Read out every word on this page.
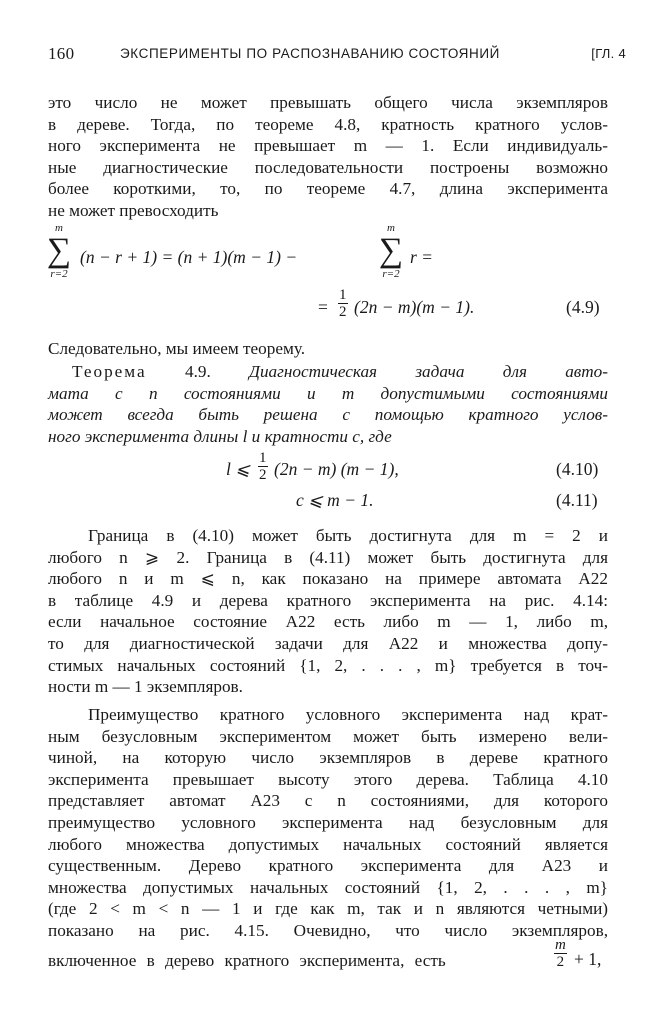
160	ЭКСПЕРИМЕНТЫ ПО РАСПОЗНАВАНИЮ СОСТОЯНИЙ	[ГЛ. 4
это число не может превышать общего числа экземпляров
в дереве. Тогда, по теореме 4.8, кратность кратного услов-
ного эксперимента не превышает m — 1. Если индивидуаль-
ные диагностические последовательности построены возможно
более короткими, то, по теореме 4.7, длина эксперимента
не может превосходить
m
∑
r=2
(n − r + 1) = (n + 1)(m − 1) −
m
∑
r=2
r =
= $\frac{1}{2} (2n - m)(m - 1)$.	(4.9)
Следовательно, мы имеем теорему.
Теорема 4.9. Диагностическая задача для авто-
мата с n состояниями и m допустимыми состояниями
может всегда быть решена с помощью кратного услов-
ного эксперимента длины l и кратности c, где
l ⩽ $\frac{1}{2} (2n - m) (m - 1)$,	(4.10)
c ⩽ m − 1.	(4.11)
Граница в (4.10) может быть достигнута для m = 2 и
любого n ⩾ 2. Граница в (4.11) может быть достигнута для
любого n и m ⩽ n, как показано на примере автомата A22
в таблице 4.9 и дерева кратного эксперимента на рис. 4.14:
если начальное состояние A22 есть либо m — 1, либо m,
то для диагностической задачи для A22 и множества допу-
стимых начальных состояний {1, 2, . . . , m} требуется в точ-
ности m — 1 экземпляров.
Преимущество кратного условного эксперимента над крат-
ным безусловным экспериментом может быть измерено вели-
чиной, на которую число экземпляров в дереве кратного
эксперимента превышает высоту этого дерева. Таблица 4.10
представляет автомат A23 с n состояниями, для которого
преимущество условного эксперимента над безусловным для
любого множества допустимых начальных состояний является
существенным. Дерево кратного эксперимента для A23 и
множества допустимых начальных состояний {1, 2, . . . , m}
(где 2 < m < n — 1 и где как m, так и n являются четными)
показано на рис. 4.15. Очевидно, что число экземпляров,
включенное в дерево кратного эксперимента, есть	$\frac{m}{2} + 1$,
